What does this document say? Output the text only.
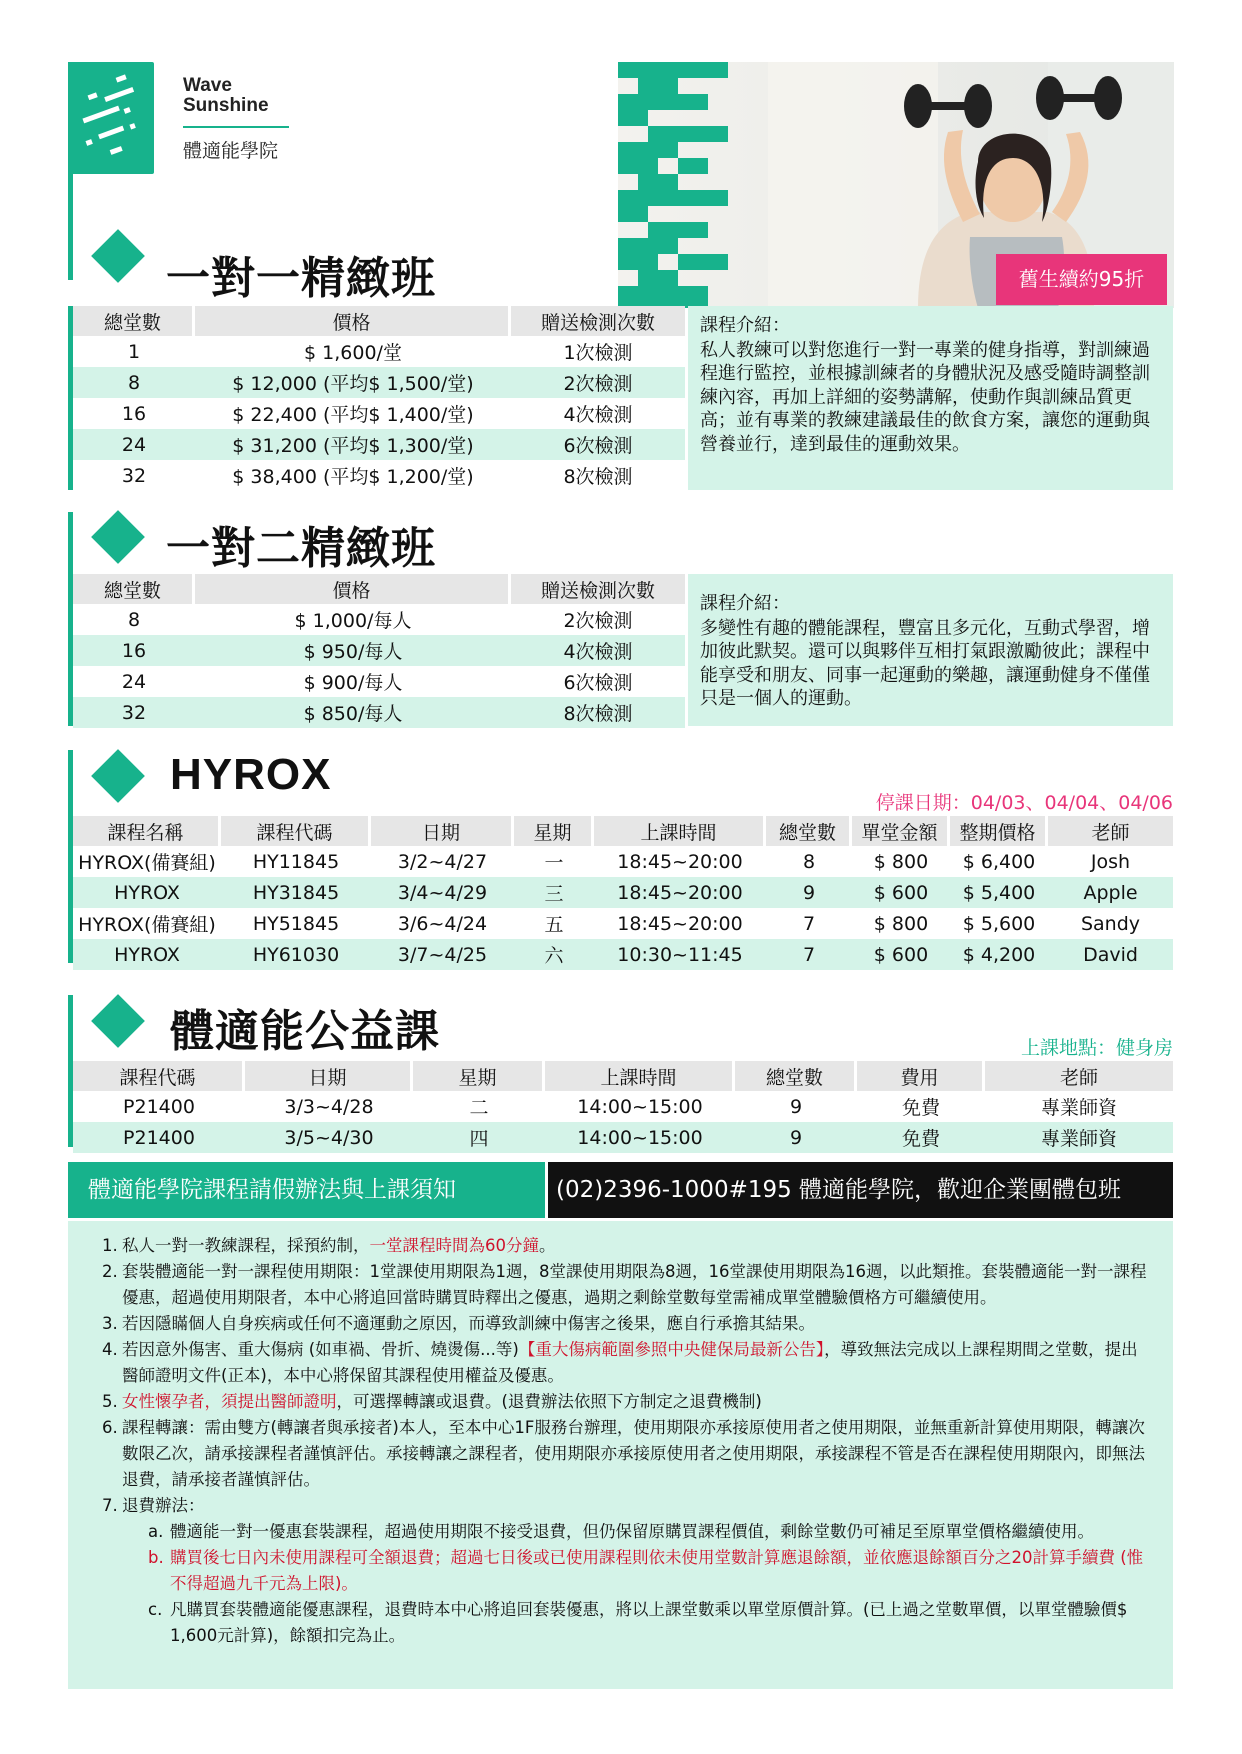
Wave
Sunshine
體適能學院
舊生續約95折
一對一精緻班
總堂數	價格	贈送檢測次數
1	$ 1,600/堂	1次檢測
8	$ 12,000 (平均$ 1,500/堂)	2次檢測
16	$ 22,400 (平均$ 1,400/堂)	4次檢測
24	$ 31,200 (平均$ 1,300/堂)	6次檢測
32	$ 38,400 (平均$ 1,200/堂)	8次檢測
課程介紹：
私人教練可以對您進行一對一專業的健身指導，對訓練過程進行監控，並根據訓練者的身體狀況及感受隨時調整訓練內容，再加上詳細的姿勢講解，使動作與訓練品質更高；並有專業的教練建議最佳的飲食方案，讓您的運動與營養並行，達到最佳的運動效果。
一對二精緻班
總堂數	價格	贈送檢測次數
8	$ 1,000/每人	2次檢測
16	$ 950/每人	4次檢測
24	$ 900/每人	6次檢測
32	$ 850/每人	8次檢測
課程介紹：
多變性有趣的體能課程，豐富且多元化，互動式學習，增加彼此默契。還可以與夥伴互相打氣跟激勵彼此；課程中能享受和朋友、同事一起運動的樂趣，讓運動健身不僅僅只是一個人的運動。
HYROX
停課日期：04/03、04/04、04/06
課程名稱	課程代碼	日期	星期	上課時間	總堂數	單堂金額	整期價格	老師
HYROX(備賽組)	HY11845	3/2~4/27	一	18:45~20:00	8	$ 800	$ 6,400	Josh
HYROX	HY31845	3/4~4/29	三	18:45~20:00	9	$ 600	$ 5,400	Apple
HYROX(備賽組)	HY51845	3/6~4/24	五	18:45~20:00	7	$ 800	$ 5,600	Sandy
HYROX	HY61030	3/7~4/25	六	10:30~11:45	7	$ 600	$ 4,200	David
體適能公益課	上課地點：健身房
課程代碼	日期	星期	上課時間	總堂數	費用	老師
P21400	3/3~4/28	二	14:00~15:00	9	免費	專業師資
P21400	3/5~4/30	四	14:00~15:00	9	免費	專業師資
體適能學院課程請假辦法與上課須知	(02)2396-1000#195 體適能學院，歡迎企業團體包班
1. 私人一對一教練課程，採預約制，一堂課程時間為60分鐘。
2. 套裝體適能一對一課程使用期限：1堂課使用期限為1週，8堂課使用期限為8週，16堂課使用期限為16週，以此類推。套裝體適能一對一課程優惠，超過使用期限者，本中心將追回當時購買時釋出之優惠，過期之剩餘堂數每堂需補成單堂體驗價格方可繼續使用。
3. 若因隱瞞個人自身疾病或任何不適運動之原因，而導致訓練中傷害之後果，應自行承擔其結果。
4. 若因意外傷害、重大傷病 (如車禍、骨折、燒燙傷...等)【重大傷病範圍參照中央健保局最新公告】，導致無法完成以上課程期間之堂數，提出醫師證明文件(正本)，本中心將保留其課程使用權益及優惠。
5. 女性懷孕者，須提出醫師證明，可選擇轉讓或退費。(退費辦法依照下方制定之退費機制)
6. 課程轉讓：需由雙方(轉讓者與承接者)本人，至本中心1F服務台辦理，使用期限亦承接原使用者之使用期限，並無重新計算使用期限，轉讓次數限乙次，請承接課程者謹慎評估。承接轉讓之課程者，使用期限亦承接原使用者之使用期限，承接課程不管是否在課程使用期限內，即無法退費，請承接者謹慎評估。
7. 退費辦法：
a. 體適能一對一優惠套裝課程，超過使用期限不接受退費，但仍保留原購買課程價值，剩餘堂數仍可補足至原單堂價格繼續使用。
b. 購買後七日內未使用課程可全額退費；超過七日後或已使用課程則依未使用堂數計算應退餘額，並依應退餘額百分之20計算手續費 (惟不得超過九千元為上限)。
c. 凡購買套裝體適能優惠課程，退費時本中心將追回套裝優惠，將以上課堂數乘以單堂原價計算。(已上過之堂數單價，以單堂體驗價$ 1,600元計算)，餘額扣完為止。
